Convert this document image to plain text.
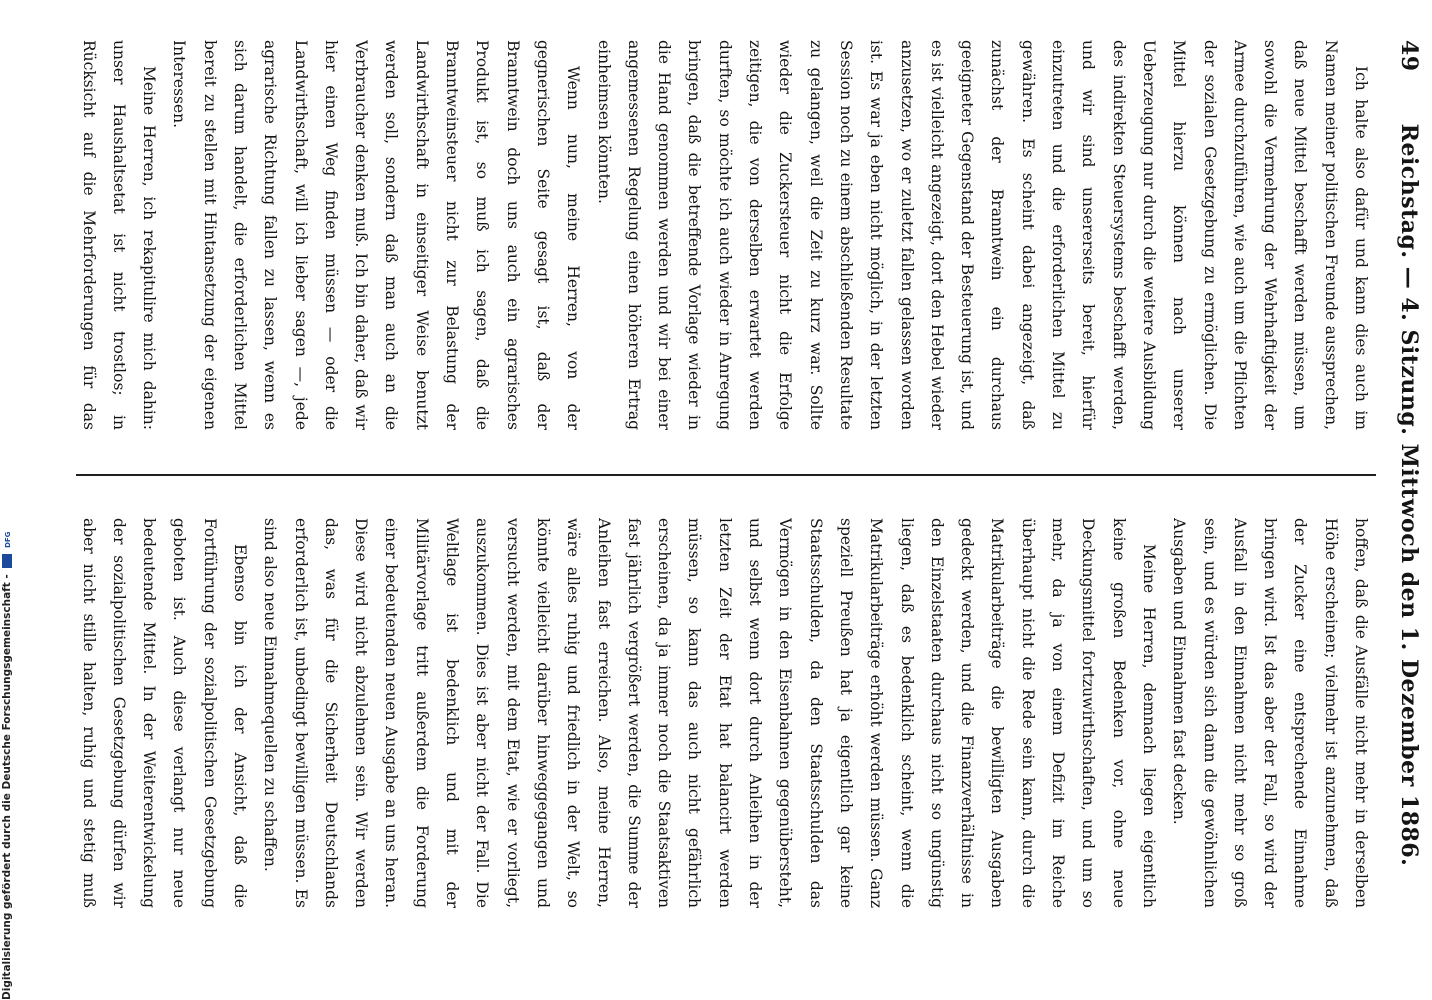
49
Reichstag. — 4. Sitzung. Mittwoch den 1. Dezember 1886.

Ich halte also dafür und kann dies auch im Namen meiner politischen Freunde aussprechen, daß neue Mittel beschafft werden müssen, um sowohl die Vermehrung der Wehrhaftigkeit der Armee durchzuführen, wie auch um die Pflichten der sozialen Gesetzgebung zu ermöglichen. Die Mittel hierzu können nach unserer Ueberzeugung nur durch die weitere Ausbildung des indirekten Steuersystems beschafft werden, und wir sind unsererseits bereit, hierfür einzutreten und die erforderlichen Mittel zu gewähren. Es scheint dabei angezeigt, daß zunächst der Branntwein ein durchaus geeigneter Gegenstand der Besteuerung ist, und es ist vielleicht angezeigt, dort den Hebel wieder anzusetzen, wo er zuletzt fallen gelassen worden ist. Es war ja eben nicht möglich, in der letzten Session noch zu einem abschließenden Resultate zu gelangen, weil die Zeit zu kurz war. Sollte wieder die Zuckersteuer nicht die Erfolge zeitigen, die von derselben erwartet werden durften, so möchte ich auch wieder in Anregung bringen, daß die betreffende Vorlage wieder in die Hand genommen werden und wir bei einer angemessenen Regelung einen höheren Ertrag einheimsen könnten.

Wenn nun, meine Herren, von der gegnerischen Seite gesagt ist, daß der Branntwein doch uns auch ein agrarisches Produkt ist, so muß ich sagen, daß die Branntweinsteuer nicht zur Belastung der Landwirthschaft in einseitiger Weise benutzt werden soll, sondern daß man auch an die Verbraucher denken muß. Ich bin daher, daß wir hier einen Weg finden müssen — oder die Landwirthschaft, will ich lieber sagen —, jede agrarische Richtung fallen zu lassen, wenn es sich darum handelt, die erforderlichen Mittel bereit zu stellen mit Hintansetzung der eigenen Interessen.

Meine Herren, ich rekapitulire mich dahin: unser Haushaltsetat ist nicht trostlos; in Rücksicht auf die Mehrforderungen für das

hoffen, daß die Ausfälle nicht mehr in derselben Höhe erscheinen; vielmehr ist anzunehmen, daß der Zucker eine entsprechende Einnahme bringen wird. Ist das aber der Fall, so wird der Ausfall in den Einnahmen nicht mehr so groß sein, und es würden sich dann die gewöhnlichen Ausgaben und Einnahmen fast decken.

Meine Herren, demnach liegen eigentlich keine großen Bedenken vor, ohne neue Deckungsmittel fortzuwirthschaften, und um so mehr, da ja von einem Defizit im Reiche überhaupt nicht die Rede sein kann, durch die Matrikularbeiträge die bewilligten Ausgaben gedeckt werden, und die Finanzverhältnisse in den Einzelstaaten durchaus nicht so ungünstig liegen, daß es bedenklich scheint, wenn die Matrikularbeiträge erhöht werden müssen. Ganz speziell Preußen hat ja eigentlich gar keine Staatsschulden, da den Staatsschulden das Vermögen in den Eisenbahnen gegenübersteht, und selbst wenn dort durch Anleihen in der letzten Zeit der Etat hat balancirt werden müssen, so kann das auch nicht gefährlich erscheinen, da ja immer noch die Staatsaktiven fast jährlich vergrößert werden, die Summe der Anleihen fast erreichen. Also, meine Herren, wäre alles ruhig und friedlich in der Welt, so könnte vielleicht darüber hinweggegangen und versucht werden, mit dem Etat, wie er vorliegt, auszukommen. Dies ist aber nicht der Fall. Die Weltlage ist bedenklich und mit der Militärvorlage tritt außerdem die Forderung einer bedeutenden neuen Ausgabe an uns heran. Diese wird nicht abzulehnen sein. Wir werden das, was für die Sicherheit Deutschlands erforderlich ist, unbedingt bewilligen müssen. Es sind also neue Einnahmequellen zu schaffen.

Ebenso bin ich der Ansicht, daß die Fortführung der sozialpolitischen Gesetzgebung geboten ist. Auch diese verlangt nur neue bedeutende Mittel. In der Weiterentwickelung der sozialpolitischen Gesetzgebung dürfen wir aber nicht stille halten, ruhig und stetig muß

Digitalisierung gefördert durch die Deutsche Forschungsgemeinschaft -  DFG
